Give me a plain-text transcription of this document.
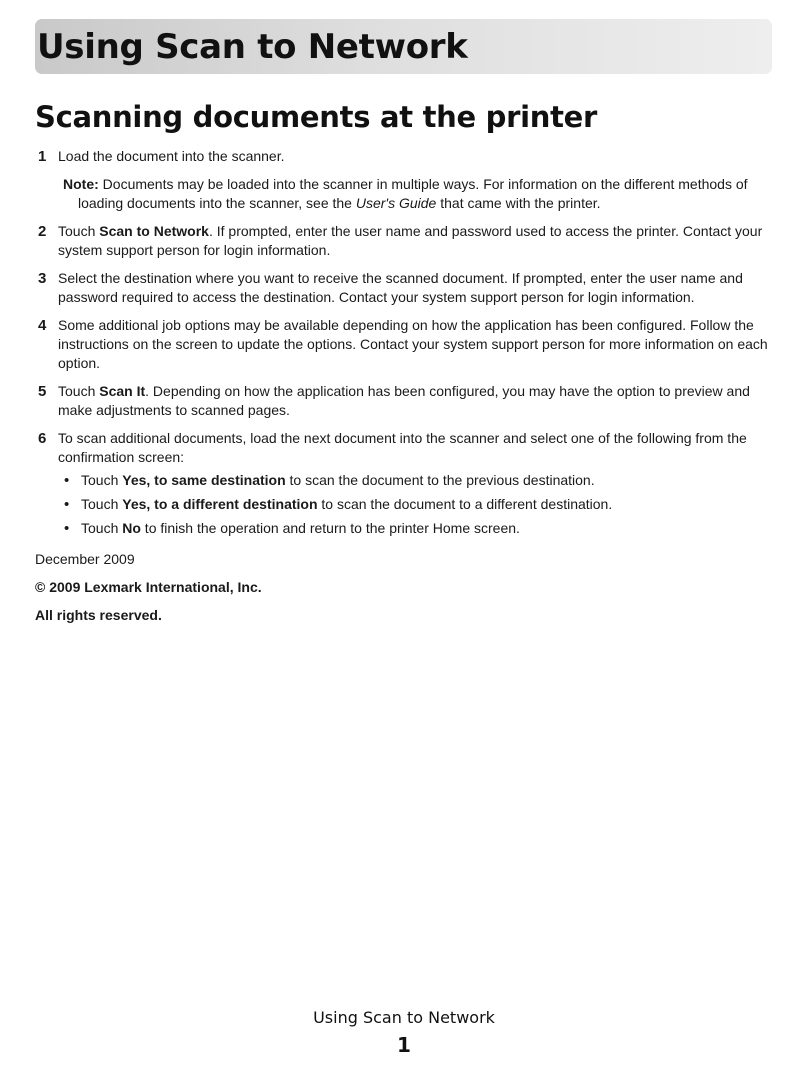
Using Scan to Network
Scanning documents at the printer
1 Load the document into the scanner.

Note: Documents may be loaded into the scanner in multiple ways. For information on the different methods of loading documents into the scanner, see the User's Guide that came with the printer.

2 Touch Scan to Network. If prompted, enter the user name and password used to access the printer. Contact your system support person for login information.
3 Select the destination where you want to receive the scanned document. If prompted, enter the user name and password required to access the destination. Contact your system support person for login information.
4 Some additional job options may be available depending on how the application has been configured. Follow the instructions on the screen to update the options. Contact your system support person for more information on each option.
5 Touch Scan It. Depending on how the application has been configured, you may have the option to preview and make adjustments to scanned pages.
6 To scan additional documents, load the next document into the scanner and select one of the following from the confirmation screen:
• Touch Yes, to same destination to scan the document to the previous destination.
• Touch Yes, to a different destination to scan the document to a different destination.
• Touch No to finish the operation and return to the printer Home screen.

December 2009

© 2009 Lexmark International, Inc.

All rights reserved.

Using Scan to Network
1
